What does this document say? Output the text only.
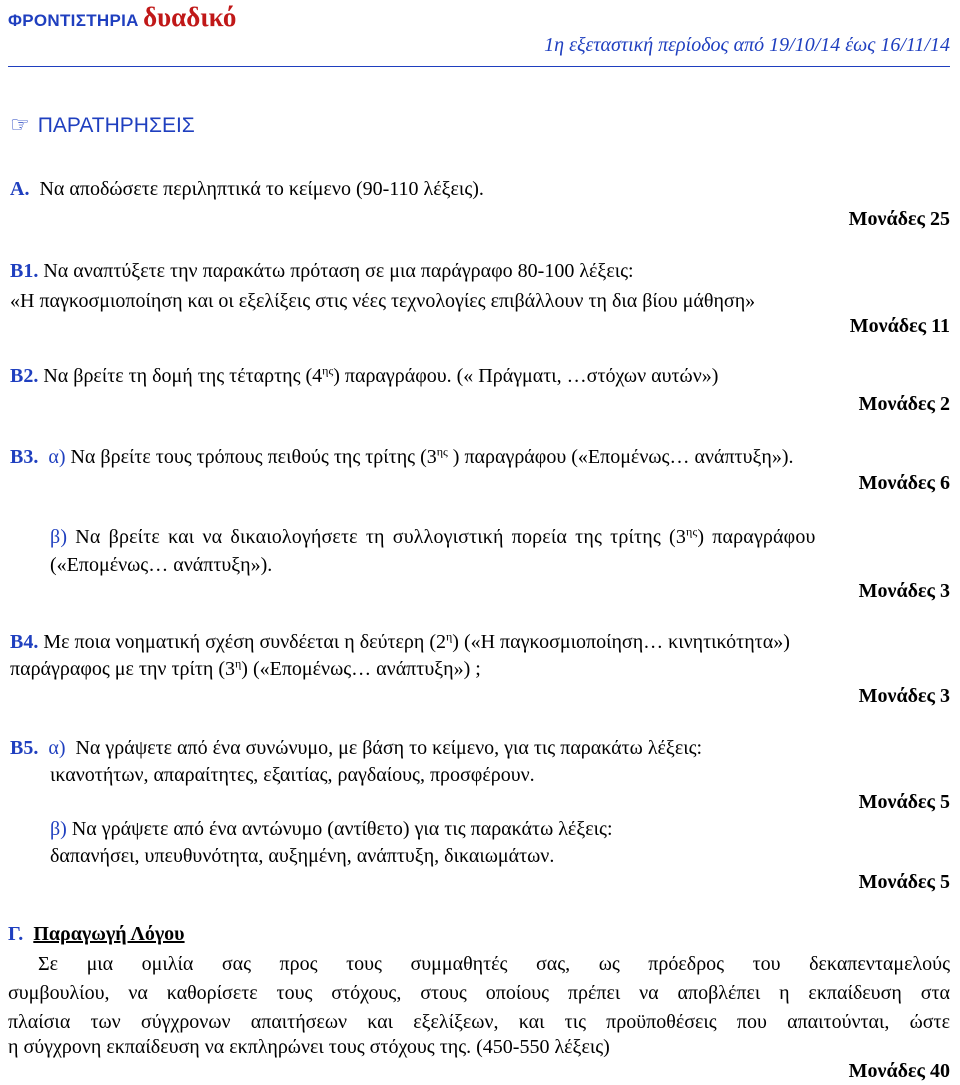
ΦΡΟΝΤΙΣΤΗΡΙΑ δυαδικό
1η εξεταστική περίοδος από 19/10/14 έως 16/11/14
☞ ΠΑΡΑΤΗΡΗΣΕΙΣ
Α. Να αποδώσετε περιληπτικά το κείμενο (90-110 λέξεις).
Μονάδες 25
Β1. Να αναπτύξετε την παρακάτω πρόταση σε μια παράγραφο 80-100 λέξεις:
«Η παγκοσμιοποίηση και οι εξελίξεις στις νέες τεχνολογίες επιβάλλουν τη δια βίου μάθηση»
Μονάδες 11
Β2. Να βρείτε τη δομή της τέταρτης $(4^{\eta\varsigma})$ παραγράφου. (« Πράγματι, …στόχων αυτών»)
Μονάδες 2
Β3. α) Να βρείτε τους τρόπους πειθούς της τρίτης ($3^{\eta\varsigma}$ ) παραγράφου («Επομένως… ανάπτυξη»).
Μονάδες 6
β) Να βρείτε και να δικαιολογήσετε τη συλλογιστική πορεία της τρίτης $(3^{\eta\varsigma})$ παραγράφου
(«Επομένως… ανάπτυξη»).
Μονάδες 3
Β4. Με ποια νοηματική σχέση συνδέεται η δεύτερη $(2^\eta)$ («Η παγκοσμιοποίηση… κινητικότητα»)
παράγραφος με την τρίτη $(3^\eta)$ («Επομένως… ανάπτυξη») ;
Μονάδες 3
Β5. α) Να γράψετε από ένα συνώνυμο, με βάση το κείμενο, για τις παρακάτω λέξεις:
ικανοτήτων, απαραίτητες, εξαιτίας, ραγδαίους, προσφέρουν.
Μονάδες 5
β) Να γράψετε από ένα αντώνυμο (αντίθετο) για τις παρακάτω λέξεις:
δαπανήσει, υπευθυνότητα, αυξημένη, ανάπτυξη, δικαιωμάτων.
Μονάδες 5
Γ. Παραγωγή Λόγου
Σε μια ομιλία σας προς τους συμμαθητές σας, ως πρόεδρος του δεκαπενταμελούς
συμβουλίου, να καθορίσετε τους στόχους, στους οποίους πρέπει να αποβλέπει η εκπαίδευση στα
πλαίσια των σύγχρονων απαιτήσεων και εξελίξεων, και τις προϋποθέσεις που απαιτούνται, ώστε
η σύγχρονη εκπαίδευση να εκπληρώνει τους στόχους της. (450-550 λέξεις)
Μονάδες 40
